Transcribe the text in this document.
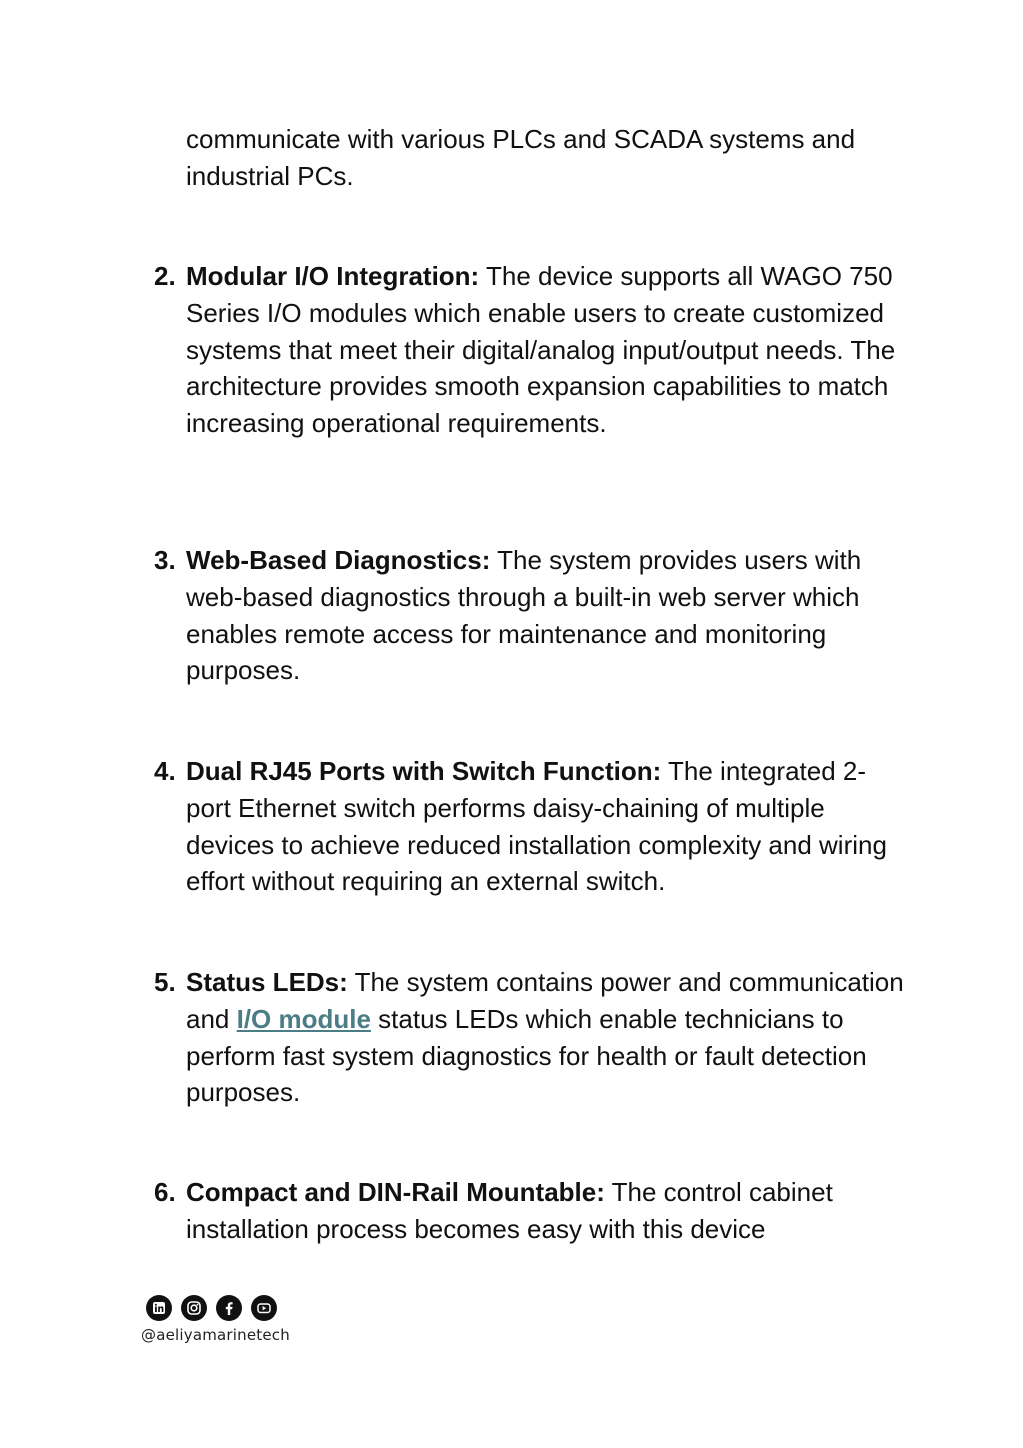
communicate with various PLCs and SCADA systems and
industrial PCs.
2. Modular I/O Integration: The device supports all WAGO 750 Series I/O modules which enable users to create customized systems that meet their digital/analog input/output needs. The architecture provides smooth expansion capabilities to match increasing operational requirements.
3. Web-Based Diagnostics: The system provides users with web-based diagnostics through a built-in web server which enables remote access for maintenance and monitoring purposes.
4. Dual RJ45 Ports with Switch Function: The integrated 2-port Ethernet switch performs daisy-chaining of multiple devices to achieve reduced installation complexity and wiring effort without requiring an external switch.
5. Status LEDs: The system contains power and communication and I/O module status LEDs which enable technicians to perform fast system diagnostics for health or fault detection purposes.
6. Compact and DIN-Rail Mountable: The control cabinet installation process becomes easy with this device
@aeliyamarinetech
